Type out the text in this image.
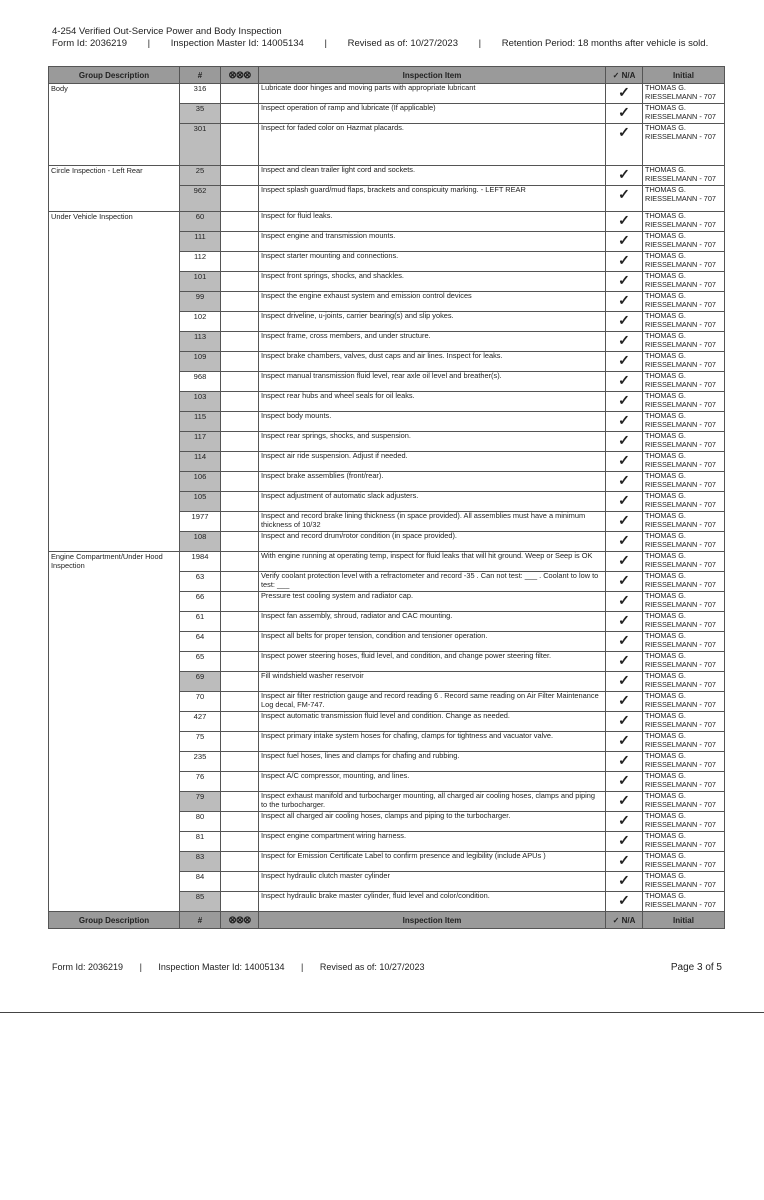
4-254 Verified Out-Service Power and Body Inspection
Form Id: 2036219 | Inspection Master Id: 14005134 | Revised as of: 10/27/2023 | Retention Period: 18 months after vehicle is sold.
Group Description	#	⊗⊗⊗	Inspection Item	✓ N/A	Initial
Body	316		Lubricate door hinges and moving parts with appropriate lubricant	✓	THOMAS G. RIESSELMANN - 707
	35		Inspect operation of ramp and lubricate (If applicable)	✓	THOMAS G. RIESSELMANN - 707
	301		Inspect for faded color on Hazmat placards.	✓	THOMAS G. RIESSELMANN - 707
Circle Inspection - Left Rear	25		Inspect and clean trailer light cord and sockets.	✓	THOMAS G. RIESSELMANN - 707
	962		Inspect splash guard/mud flaps, brackets and conspicuity marking. - LEFT REAR	✓	THOMAS G. RIESSELMANN - 707
Under Vehicle Inspection	60		Inspect for fluid leaks.	✓	THOMAS G. RIESSELMANN - 707
	111		Inspect engine and transmission mounts.	✓	THOMAS G. RIESSELMANN - 707
	112		Inspect starter mounting and connections.	✓	THOMAS G. RIESSELMANN - 707
	101		Inspect front springs, shocks, and shackles.	✓	THOMAS G. RIESSELMANN - 707
	99		Inspect the engine exhaust system and emission control devices	✓	THOMAS G. RIESSELMANN - 707
	102		Inspect driveline, u-joints, carrier bearing(s) and slip yokes.	✓	THOMAS G. RIESSELMANN - 707
	113		Inspect frame, cross members, and under structure.	✓	THOMAS G. RIESSELMANN - 707
	109		Inspect brake chambers, valves, dust caps and air lines. Inspect for leaks.	✓	THOMAS G. RIESSELMANN - 707
	968		Inspect manual transmission fluid level, rear axle oil level and breather(s).	✓	THOMAS G. RIESSELMANN - 707
	103		Inspect rear hubs and wheel seals for oil leaks.	✓	THOMAS G. RIESSELMANN - 707
	115		Inspect body mounts.	✓	THOMAS G. RIESSELMANN - 707
	117		Inspect rear springs, shocks, and suspension.	✓	THOMAS G. RIESSELMANN - 707
	114		Inspect air ride suspension. Adjust if needed.	✓	THOMAS G. RIESSELMANN - 707
	106		Inspect brake assemblies (front/rear).	✓	THOMAS G. RIESSELMANN - 707
	105		Inspect adjustment of automatic slack adjusters.	✓	THOMAS G. RIESSELMANN - 707
	1977		Inspect and record brake lining thickness (in space provided). All assemblies must have a minimum thickness of 10/32	✓	THOMAS G. RIESSELMANN - 707
	108		Inspect and record drum/rotor condition (in space provided).	✓	THOMAS G. RIESSELMANN - 707
Engine Compartment/Under Hood Inspection	1984		With engine running at operating temp, inspect for fluid leaks that will hit ground. Weep or Seep is OK	✓	THOMAS G. RIESSELMANN - 707
	63		Verify coolant protection level with a refractometer and record -35 . Can not test: ___ . Coolant to low to test: ___	✓	THOMAS G. RIESSELMANN - 707
	66		Pressure test cooling system and radiator cap.	✓	THOMAS G. RIESSELMANN - 707
	61		Inspect fan assembly, shroud, radiator and CAC mounting.	✓	THOMAS G. RIESSELMANN - 707
	64		Inspect all belts for proper tension, condition and tensioner operation.	✓	THOMAS G. RIESSELMANN - 707
	65		Inspect power steering hoses, fluid level, and condition, and change power steering filter.	✓	THOMAS G. RIESSELMANN - 707
	69		Fill windshield washer reservoir	✓	THOMAS G. RIESSELMANN - 707
	70		Inspect air filter restriction gauge and record reading 6 . Record same reading on Air Filter Maintenance Log decal, FM-747.	✓	THOMAS G. RIESSELMANN - 707
	427		Inspect automatic transmission fluid level and condition. Change as needed.	✓	THOMAS G. RIESSELMANN - 707
	75		Inspect primary intake system hoses for chafing, clamps for tightness and vacuator valve.	✓	THOMAS G. RIESSELMANN - 707
	235		Inspect fuel hoses, lines and clamps for chafing and rubbing.	✓	THOMAS G. RIESSELMANN - 707
	76		Inspect A/C compressor, mounting, and lines.	✓	THOMAS G. RIESSELMANN - 707
	79		Inspect exhaust manifold and turbocharger mounting, all charged air cooling hoses, clamps and piping to the turbocharger.	✓	THOMAS G. RIESSELMANN - 707
	80		Inspect all charged air cooling hoses, clamps and piping to the turbocharger.	✓	THOMAS G. RIESSELMANN - 707
	81		Inspect engine compartment wiring harness.	✓	THOMAS G. RIESSELMANN - 707
	83		Inspect for Emission Certificate Label to confirm presence and legibility (include APUs )	✓	THOMAS G. RIESSELMANN - 707
	84		Inspect hydraulic clutch master cylinder	✓	THOMAS G. RIESSELMANN - 707
	85		Inspect hydraulic brake master cylinder, fluid level and color/condition.	✓	THOMAS G. RIESSELMANN - 707
Group Description	#	⊗⊗⊗	Inspection Item	✓ N/A	Initial
Form Id: 2036219 | Inspection Master Id: 14005134 | Revised as of: 10/27/2023	Page 3 of 5
